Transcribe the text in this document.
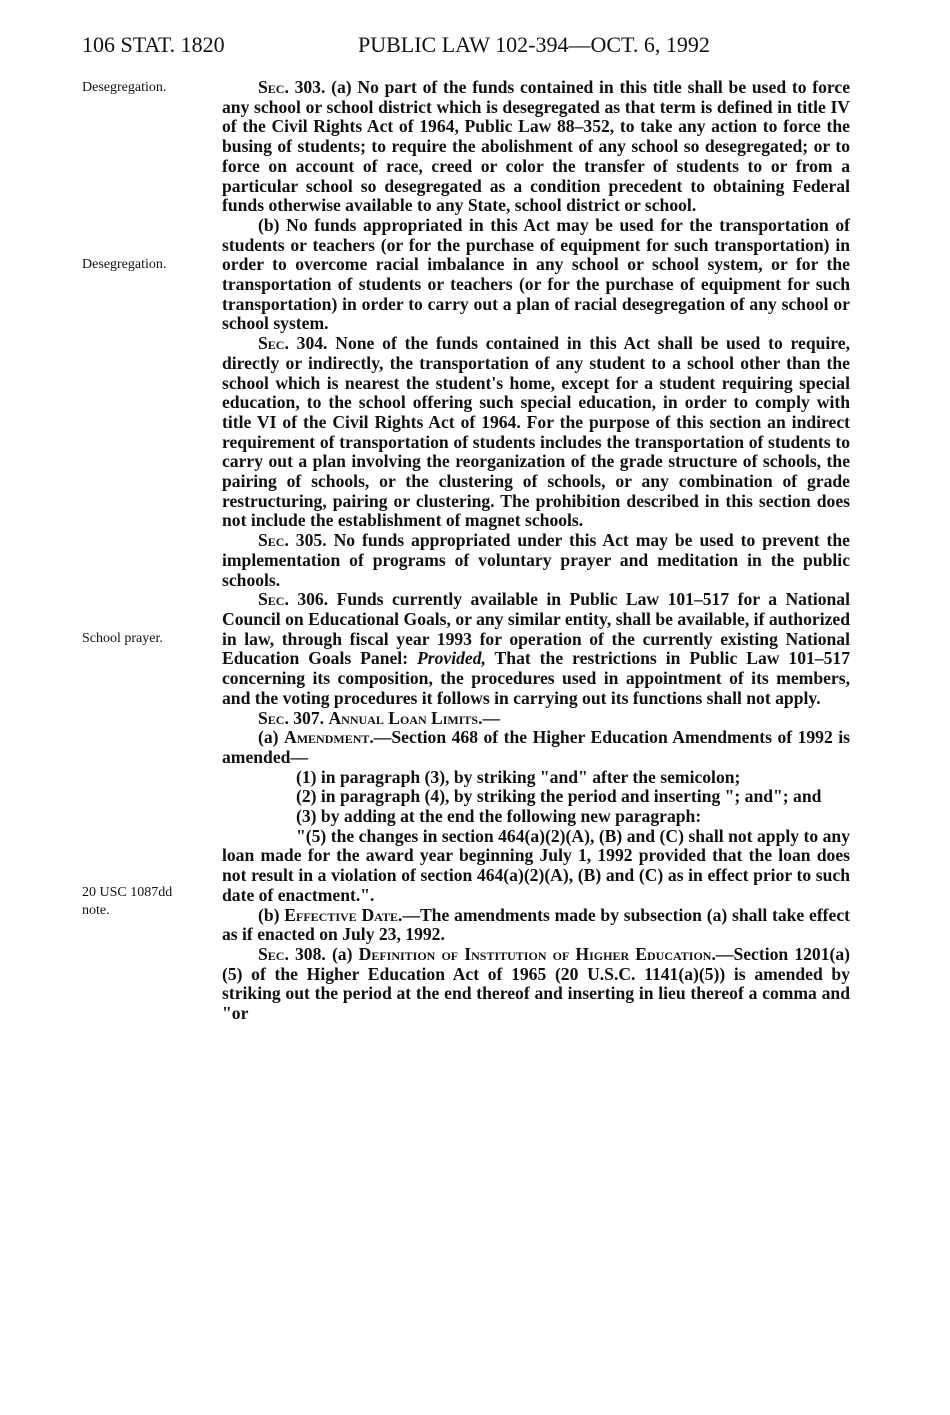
106 STAT. 1820	PUBLIC LAW 102-394—OCT. 6, 1992
Desegregation.
Desegregation.
School prayer.
20 USC 1087dd
note.

Sec. 303. (a) No part of the funds contained in this title shall be used to force any school or school district which is desegregated as that term is defined in title IV of the Civil Rights Act of 1964, Public Law 88–352, to take any action to force the busing of students; to require the abolishment of any school so desegregated; or to force on account of race, creed or color the transfer of students to or from a particular school so desegregated as a condition precedent to obtaining Federal funds otherwise available to any State, school district or school.

(b) No funds appropriated in this Act may be used for the transportation of students or teachers (or for the purchase of equipment for such transportation) in order to overcome racial imbalance in any school or school system, or for the transportation of students or teachers (or for the purchase of equipment for such transportation) in order to carry out a plan of racial desegregation of any school or school system.

Sec. 304. None of the funds contained in this Act shall be used to require, directly or indirectly, the transportation of any student to a school other than the school which is nearest the student's home, except for a student requiring special education, to the school offering such special education, in order to comply with title VI of the Civil Rights Act of 1964. For the purpose of this section an indirect requirement of transportation of students includes the transportation of students to carry out a plan involving the reorganization of the grade structure of schools, the pairing of schools, or the clustering of schools, or any combination of grade restructuring, pairing or clustering. The prohibition described in this section does not include the establishment of magnet schools.

Sec. 305. No funds appropriated under this Act may be used to prevent the implementation of programs of voluntary prayer and meditation in the public schools.

Sec. 306. Funds currently available in Public Law 101–517 for a National Council on Educational Goals, or any similar entity, shall be available, if authorized in law, through fiscal year 1993 for operation of the currently existing National Education Goals Panel: Provided, That the restrictions in Public Law 101–517 concerning its composition, the procedures used in appointment of its members, and the voting procedures it follows in carrying out its functions shall not apply.

Sec. 307. Annual Loan Limits.—

(a) Amendment.—Section 468 of the Higher Education Amendments of 1992 is amended—

(1) in paragraph (3), by striking "and" after the semicolon;

(2) in paragraph (4), by striking the period and inserting "; and"; and

(3) by adding at the end the following new paragraph:

"(5) the changes in section 464(a)(2)(A), (B) and (C) shall not apply to any loan made for the award year beginning July 1, 1992 provided that the loan does not result in a violation of section 464(a)(2)(A), (B) and (C) as in effect prior to such date of enactment.".

(b) Effective Date.—The amendments made by subsection (a) shall take effect as if enacted on July 23, 1992.

Sec. 308. (a) Definition of Institution of Higher Education.—Section 1201(a)(5) of the Higher Education Act of 1965 (20 U.S.C. 1141(a)(5)) is amended by striking out the period at the end thereof and inserting in lieu thereof a comma and "or
